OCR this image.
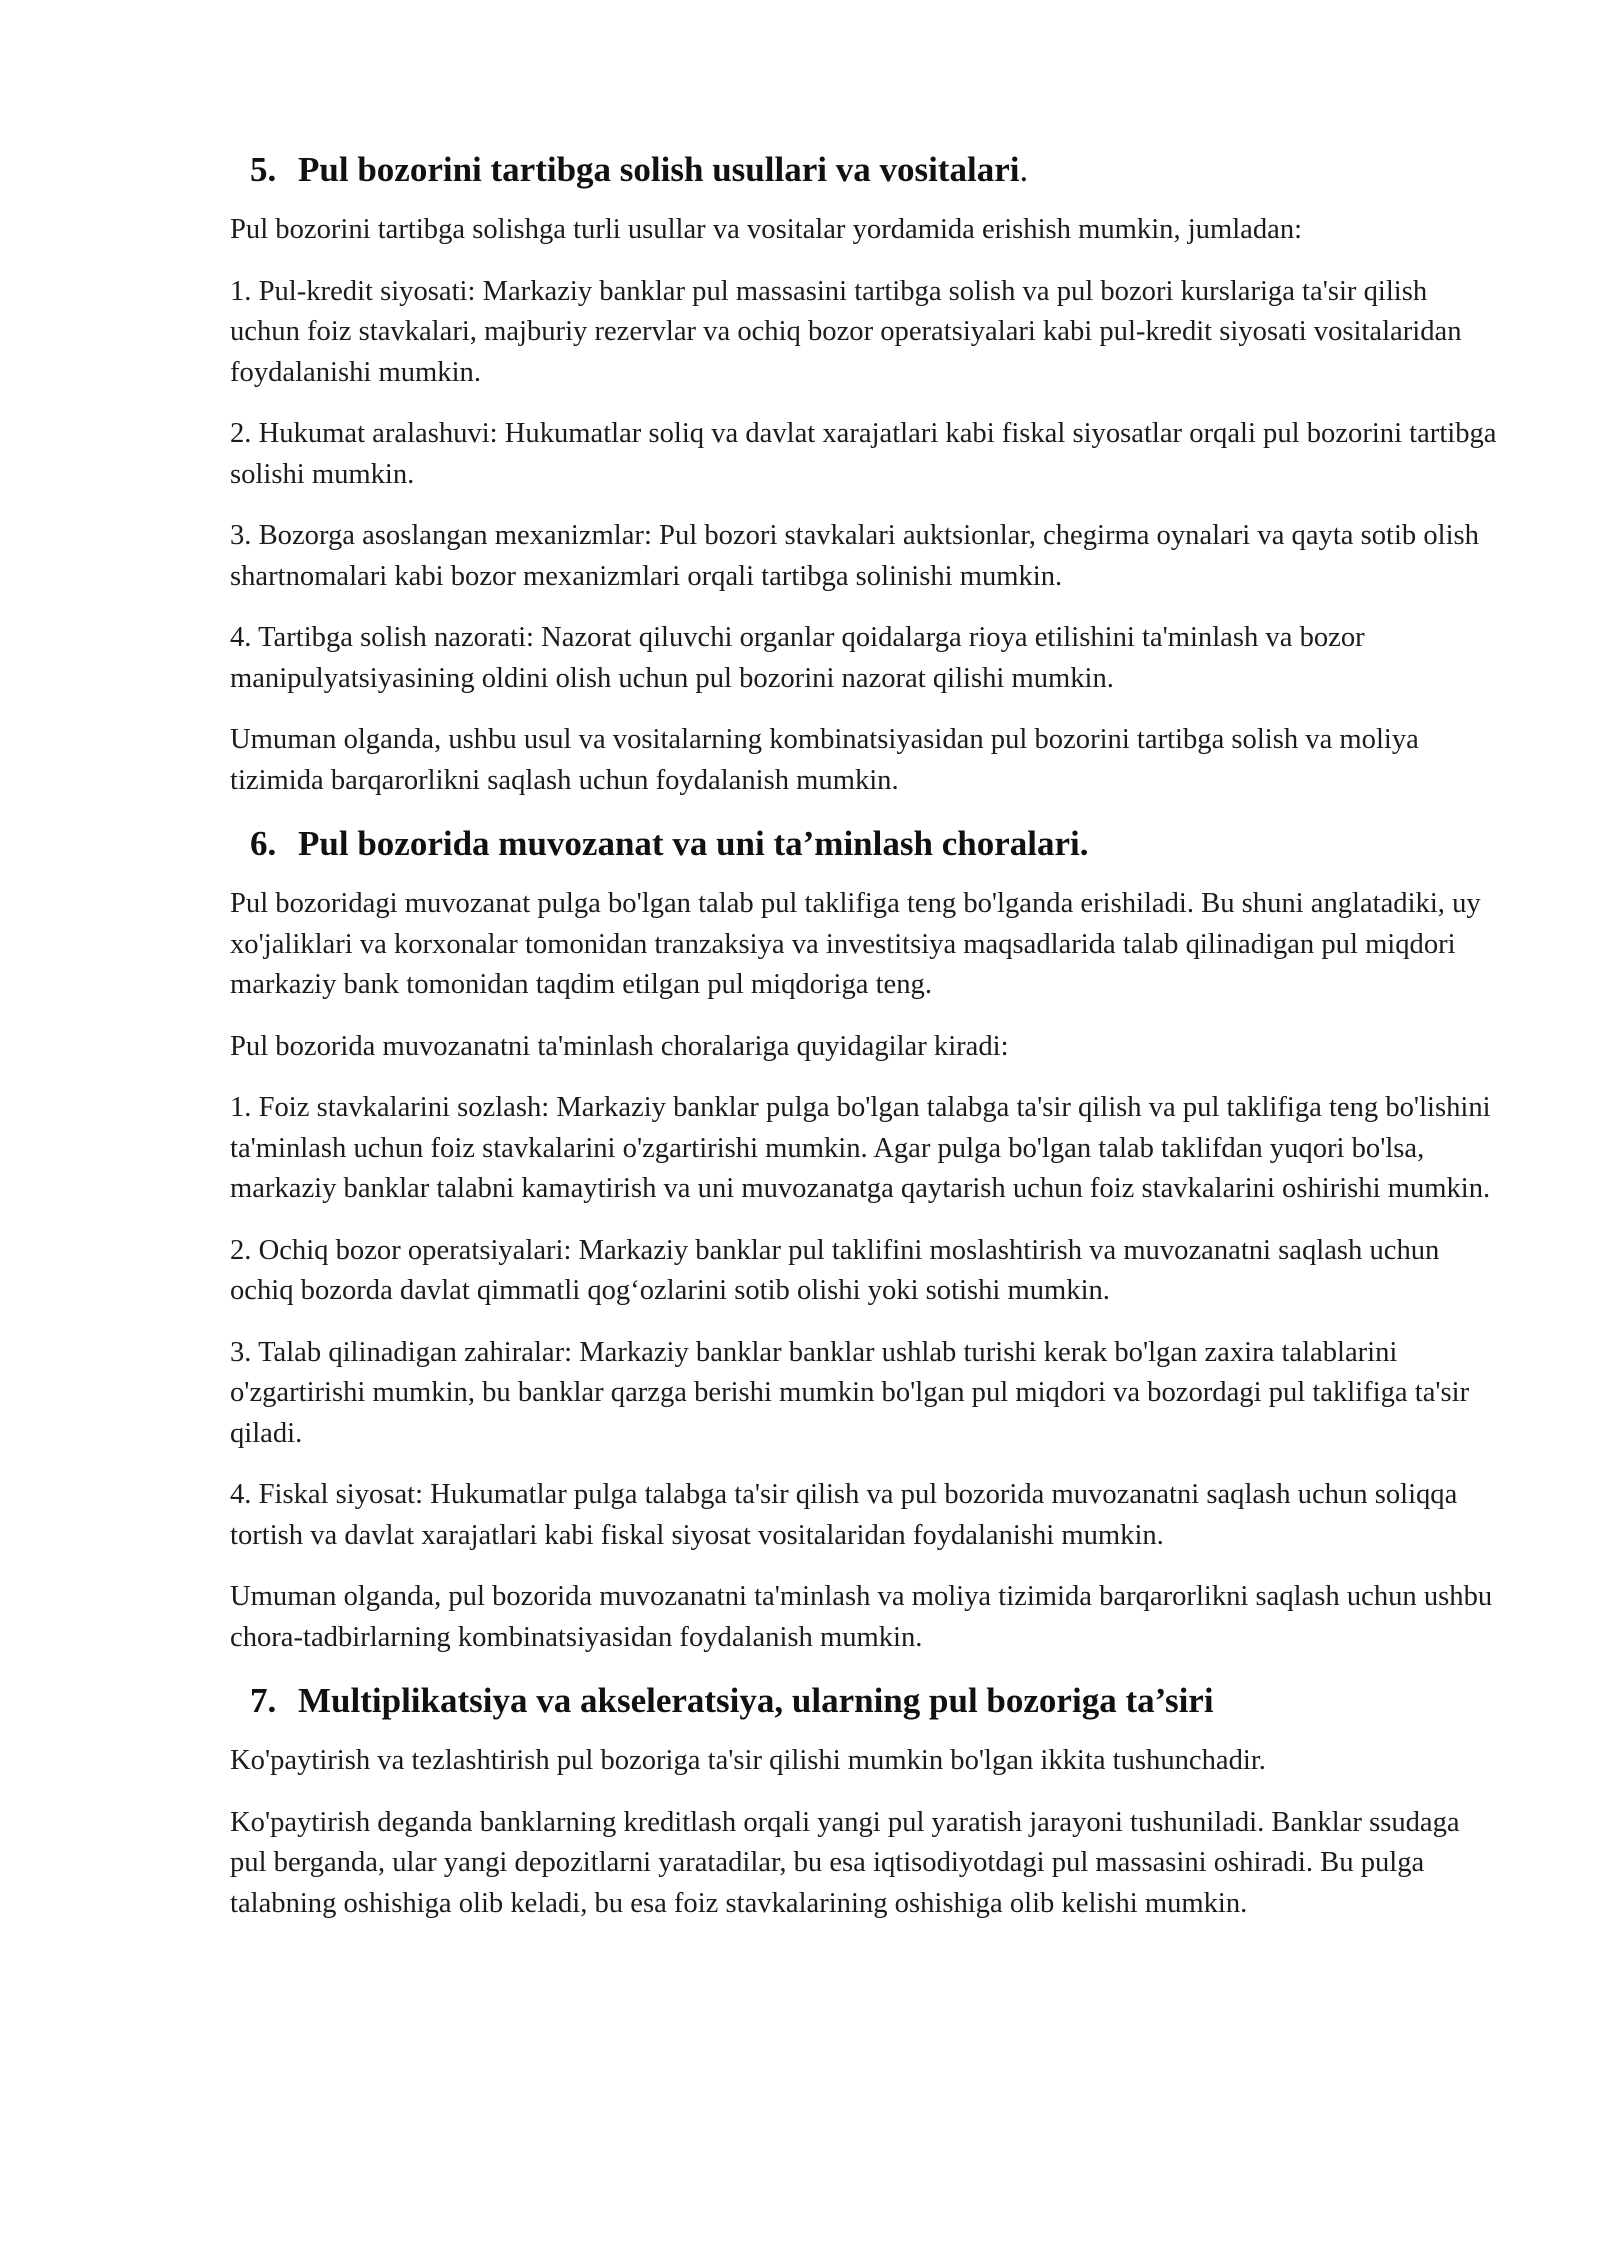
5. Pul bozorini tartibga solish usullari va vositalari.

Pul bozorini tartibga solishga turli usullar va vositalar yordamida erishish mumkin, jumladan:

1. Pul-kredit siyosati: Markaziy banklar pul massasini tartibga solish va pul bozori kurslariga ta'sir qilish uchun foiz stavkalari, majburiy rezervlar va ochiq bozor operatsiyalari kabi pul-kredit siyosati vositalaridan foydalanishi mumkin.

2. Hukumat aralashuvi: Hukumatlar soliq va davlat xarajatlari kabi fiskal siyosatlar orqali pul bozorini tartibga solishi mumkin.

3. Bozorga asoslangan mexanizmlar: Pul bozori stavkalari auktsionlar, chegirma oynalari va qayta sotib olish shartnomalari kabi bozor mexanizmlari orqali tartibga solinishi mumkin.

4. Tartibga solish nazorati: Nazorat qiluvchi organlar qoidalarga rioya etilishini ta'minlash va bozor manipulyatsiyasining oldini olish uchun pul bozorini nazorat qilishi mumkin.

Umuman olganda, ushbu usul va vositalarning kombinatsiyasidan pul bozorini tartibga solish va moliya tizimida barqarorlikni saqlash uchun foydalanish mumkin.

6. Pul bozorida muvozanat va uni ta’minlash choralari.

Pul bozoridagi muvozanat pulga bo'lgan talab pul taklifiga teng bo'lganda erishiladi. Bu shuni anglatadiki, uy xo'jaliklari va korxonalar tomonidan tranzaksiya va investitsiya maqsadlarida talab qilinadigan pul miqdori markaziy bank tomonidan taqdim etilgan pul miqdoriga teng.

Pul bozorida muvozanatni ta'minlash choralariga quyidagilar kiradi:

1. Foiz stavkalarini sozlash: Markaziy banklar pulga bo'lgan talabga ta'sir qilish va pul taklifiga teng bo'lishini ta'minlash uchun foiz stavkalarini o'zgartirishi mumkin. Agar pulga bo'lgan talab taklifdan yuqori bo'lsa, markaziy banklar talabni kamaytirish va uni muvozanatga qaytarish uchun foiz stavkalarini oshirishi mumkin.

2. Ochiq bozor operatsiyalari: Markaziy banklar pul taklifini moslashtirish va muvozanatni saqlash uchun ochiq bozorda davlat qimmatli qog‘ozlarini sotib olishi yoki sotishi mumkin.

3. Talab qilinadigan zahiralar: Markaziy banklar banklar ushlab turishi kerak bo'lgan zaxira talablarini o'zgartirishi mumkin, bu banklar qarzga berishi mumkin bo'lgan pul miqdori va bozordagi pul taklifiga ta'sir qiladi.

4. Fiskal siyosat: Hukumatlar pulga talabga ta'sir qilish va pul bozorida muvozanatni saqlash uchun soliqqa tortish va davlat xarajatlari kabi fiskal siyosat vositalaridan foydalanishi mumkin.

Umuman olganda, pul bozorida muvozanatni ta'minlash va moliya tizimida barqarorlikni saqlash uchun ushbu chora-tadbirlarning kombinatsiyasidan foydalanish mumkin.

7. Multiplikatsiya va akseleratsiya, ularning pul bozoriga ta’siri

Ko'paytirish va tezlashtirish pul bozoriga ta'sir qilishi mumkin bo'lgan ikkita tushunchadir.

Ko'paytirish deganda banklarning kreditlash orqali yangi pul yaratish jarayoni tushuniladi. Banklar ssudaga pul berganda, ular yangi depozitlarni yaratadilar, bu esa iqtisodiyotdagi pul massasini oshiradi. Bu pulga talabning oshishiga olib keladi, bu esa foiz stavkalarining oshishiga olib kelishi mumkin.
